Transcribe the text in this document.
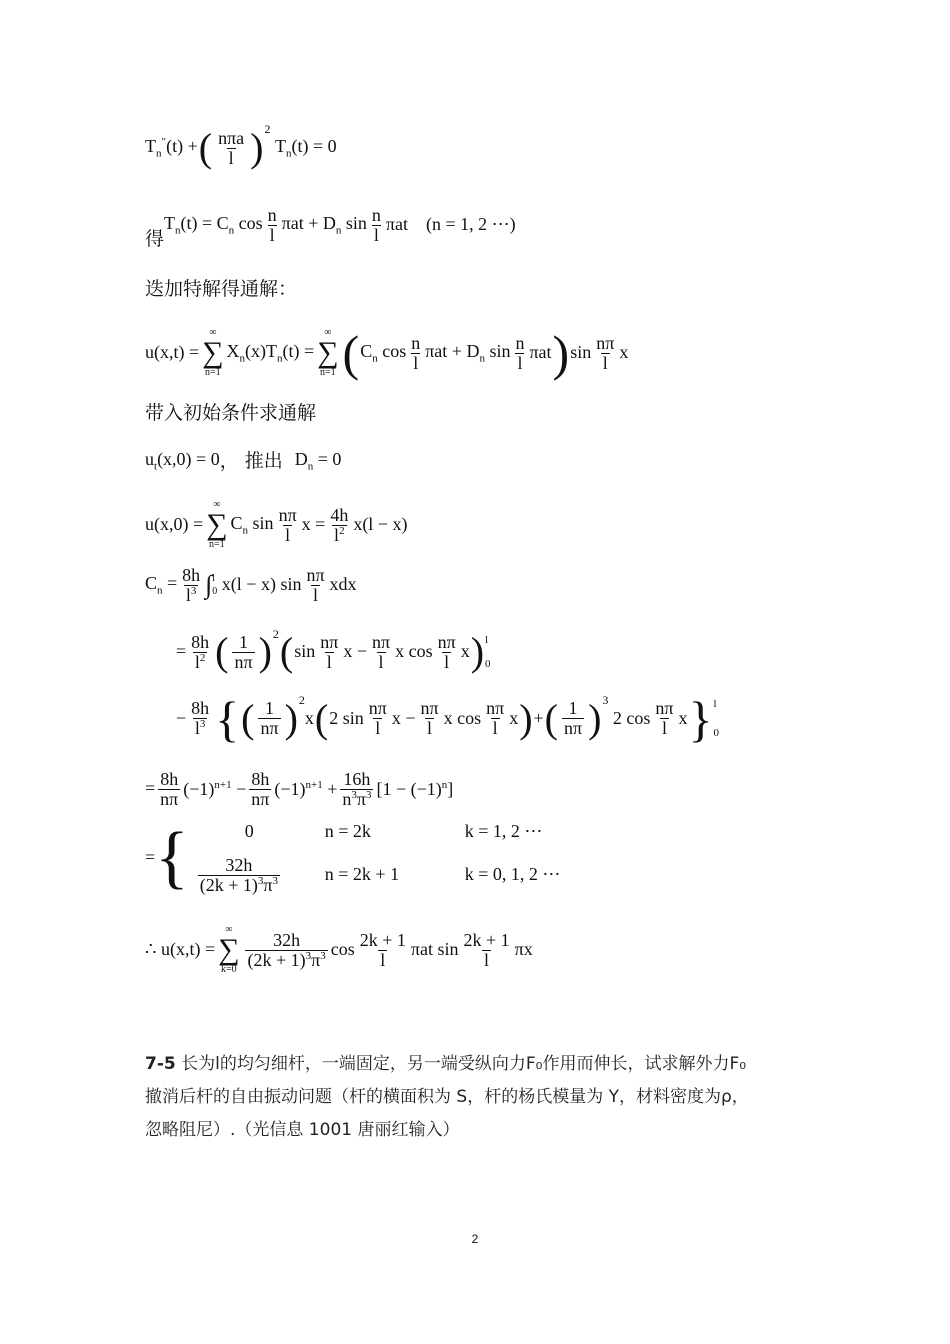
$T_n''(t)$ + ( $\frac{\text{nπa}}{l}$ ) 2
$T_n(t) = 0$
得
$T_n(t) = C_n$ $\cos \frac{n}{l}$ $\pi at + D_n$ $\sin \frac{n}{l}$ πat    (n = 1, 2 ⋯)
迭加特解得通解：
u(x,t) =
∞
∑
n=1
$X_n(x)T_n(t)$ =
∞
∑
n=1 ( $C_n$ $\cos \frac{n}{l}$ $\pi at + D_n$ $\sin \frac{n}{l}$ πat ) $\sin \frac{n\pi}{l}$ x
带入初始条件求通解
$u_t(x,0) = 0$ ， 推出 $D_n = 0$
u(x,0) =
∞
∑
n=1
$C_n$ $\sin \frac{n\pi}{l}$ $x = \frac{4h}{l^2} x(l - x)$
$C_n = \frac{8h}{l^3}$ ∫ l
0 x(l − x) $\sin \frac{n\pi}{l}$ xdx
= $\frac{8h}{l^2}$ ( $\frac{1}{n\pi}$ ) 2 ( $\sin \frac{n\pi}{l}$ $x - \frac{n\pi}{l}$ x $\cos \frac{n\pi}{l}$ x ) l
0
− $\frac{8h}{l^3}$ { ( $\frac{1}{n\pi}$ ) 2
x ( 2 $\sin \frac{n\pi}{l}$ $x - \frac{n\pi}{l}$ x $\cos \frac{n\pi}{l}$ x ) + ( $\frac{1}{n\pi}$ ) 3
2 $\cos \frac{n\pi}{l}$ x } l
0
= $\frac{8h}{n\pi} (-1)^{n+1} - \frac{8h}{n\pi} (-1)^{n+1} + \frac{16h}{n^3\pi^3} [1 - (-1)^n]$
= {	0	n = 2k	k = 1, 2 ⋯
$\frac{32h}{(2k + 1)^3\pi^3}$ n = 2k + 1	k = 0, 1, 2 ⋯
∴ u(x,t) =
∞
∑
k=0
$\frac{32h}{(2k + 1)^3\pi^3}$ $\cos \frac{2k + 1}{l}$ πat $\sin \frac{2k + 1}{l}$ πx
7-5 长为l的均匀细杆，一端固定，另一端受纵向力F₀作用而伸长，试求解外力F₀
撤消后杆的自由振动问题（杆的横面积为 S，杆的杨氏模量为 Y，材料密度为ρ，
忽略阻尼）.（光信息 1001 唐丽红输入）
2
